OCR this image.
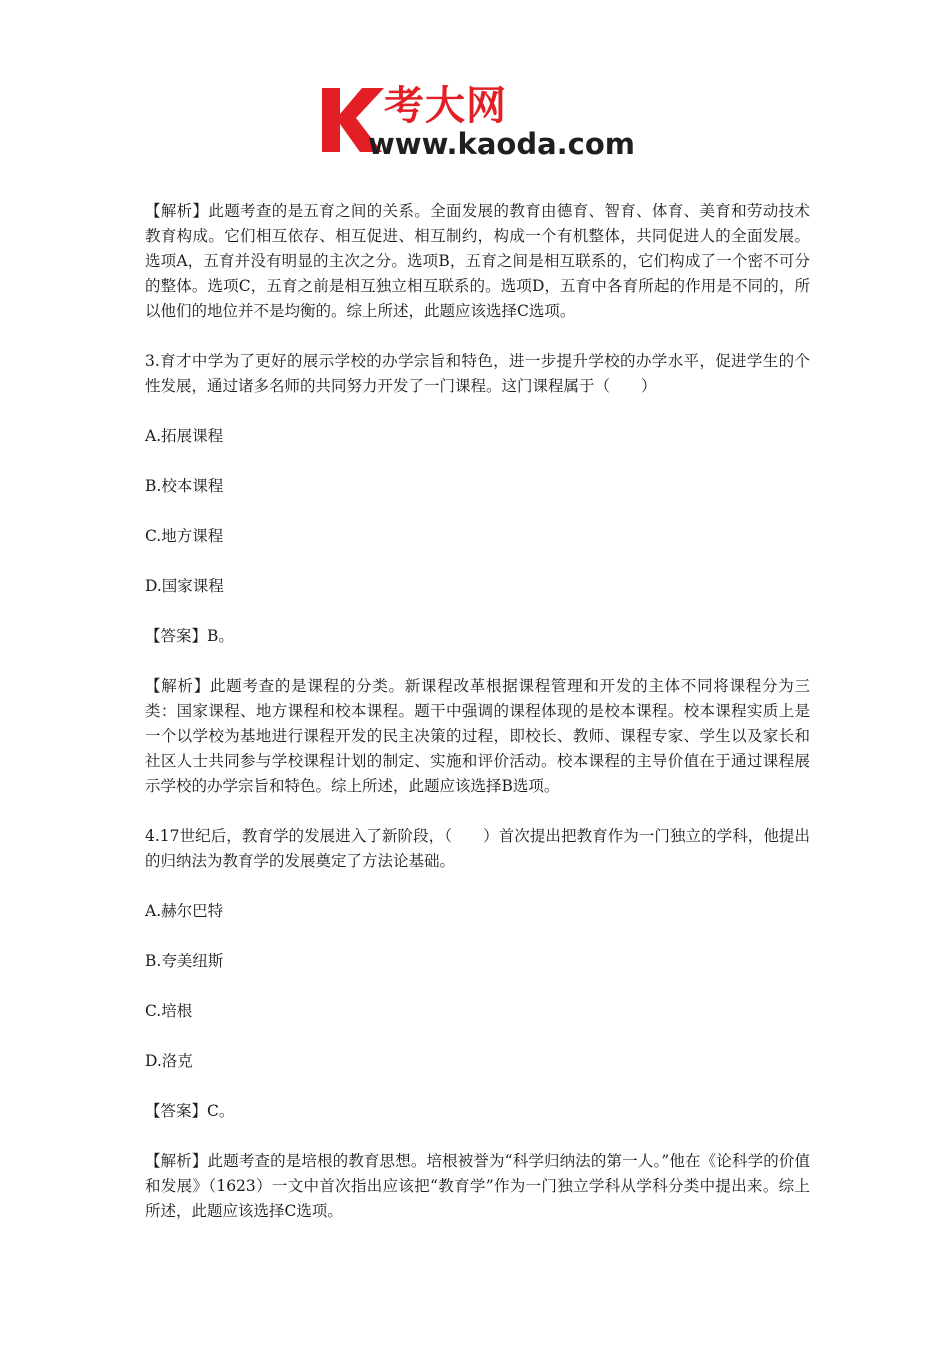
考大网
www.kaoda.com

【解析】此题考查的是五育之间的关系。全面发展的教育由德育、智育、体育、美育和劳动技术教育构成。它们相互依存、相互促进、相互制约，构成一个有机整体，共同促进人的全面发展。选项A，五育并没有明显的主次之分。选项B，五育之间是相互联系的，它们构成了一个密不可分的整体。选项C，五育之前是相互独立相互联系的。选项D，五育中各育所起的作用是不同的，所以他们的地位并不是均衡的。综上所述，此题应该选择C选项。

3.育才中学为了更好的展示学校的办学宗旨和特色，进一步提升学校的办学水平，促进学生的个性发展，通过诸多名师的共同努力开发了一门课程。这门课程属于（　　）

A.拓展课程

B.校本课程

C.地方课程

D.国家课程

【答案】B。

【解析】此题考查的是课程的分类。新课程改革根据课程管理和开发的主体不同将课程分为三类：国家课程、地方课程和校本课程。题干中强调的课程体现的是校本课程。校本课程实质上是一个以学校为基地进行课程开发的民主决策的过程，即校长、教师、课程专家、学生以及家长和社区人士共同参与学校课程计划的制定、实施和评价活动。校本课程的主导价值在于通过课程展示学校的办学宗旨和特色。综上所述，此题应该选择B选项。

4.17世纪后，教育学的发展进入了新阶段，（　　）首次提出把教育作为一门独立的学科，他提出的归纳法为教育学的发展奠定了方法论基础。

A.赫尔巴特

B.夸美纽斯

C.培根

D.洛克

【答案】C。

【解析】此题考查的是培根的教育思想。培根被誉为“科学归纳法的第一人。”他在《论科学的价值和发展》（1623）一文中首次指出应该把“教育学”作为一门独立学科从学科分类中提出来。综上所述，此题应该选择C选项。
